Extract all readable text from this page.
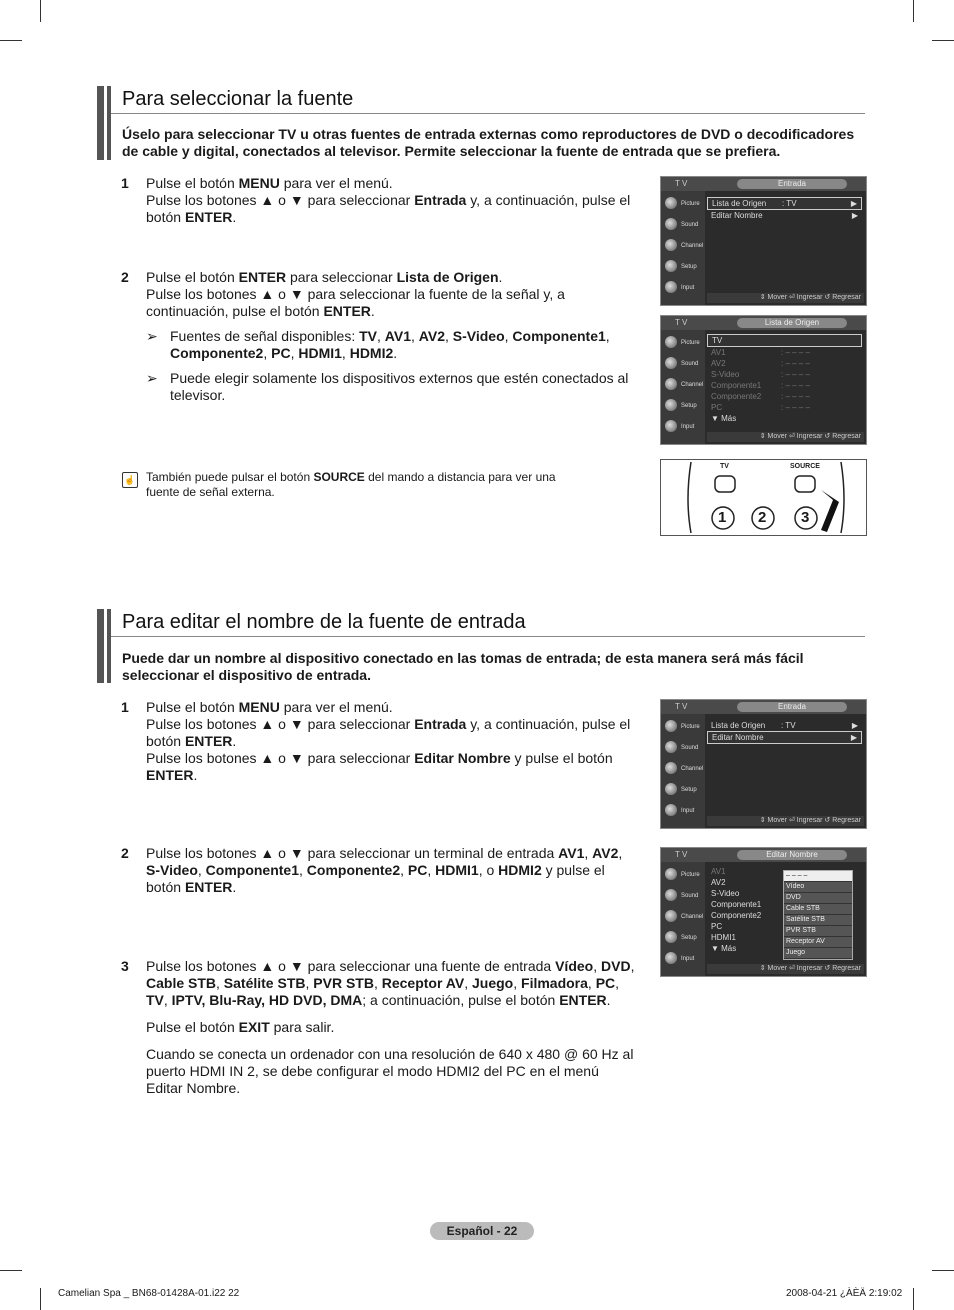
Para seleccionar la fuente
Úselo para seleccionar TV u otras fuentes de entrada externas como reproductores de DVD o decodificadores de cable y digital, conectados al televisor. Permite seleccionar la fuente de entrada que se prefiera.
1 Pulse el botón MENU para ver el menú.

Pulse los botones ▲ o ▼ para seleccionar Entrada y, a continuación, pulse el botón ENTER.

2 Pulse el botón ENTER para seleccionar Lista de Origen.

Pulse los botones ▲ o ▼ para seleccionar la fuente de la señal y, a continuación, pulse el botón ENTER.

➢ Fuentes de señal disponibles: TV, AV1, AV2, S-Video, Componente1, Componente2, PC, HDMI1, HDMI2.
➢ Puede elegir solamente los dispositivos externos que estén conectados al televisor.
☝ También puede pulsar el botón SOURCE del mando a distancia para ver una fuente de señal externa.
T V	Entrada
Picture
Sound
Channel
Setup
Input
Lista de Origen : TV	▶
Editar Nombre	▶
⇕ Mover ⏎ Ingresar ↺ Regresar
T V	Lista de Origen
Picture
Sound
Channel
Setup
Input
TV
AV1	: – – – –
AV2	: – – – –
S-Video	: – – – –
Componente1 : – – – –
Componente2 : – – – –
PC	: – – – –
▼ Más
⇕ Mover ⏎ Ingresar ↺ Regresar
TV	SOURCE
1 2 3
Para editar el nombre de la fuente de entrada
Puede dar un nombre al dispositivo conectado en las tomas de entrada; de esta manera será más fácil seleccionar el dispositivo de entrada.
1 Pulse el botón MENU para ver el menú.

Pulse los botones ▲ o ▼ para seleccionar Entrada y, a continuación, pulse el botón ENTER.

Pulse los botones ▲ o ▼ para seleccionar Editar Nombre y pulse el botón ENTER.

2 Pulse los botones ▲ o ▼ para seleccionar un terminal de entrada AV1, AV2, S-Video, Componente1, Componente2, PC, HDMI1, o HDMI2 y pulse el botón ENTER.

3 Pulse los botones ▲ o ▼ para seleccionar una fuente de entrada Vídeo, DVD, Cable STB, Satélite STB, PVR STB, Receptor AV, Juego, Filmadora, PC, TV, IPTV, Blu-Ray, HD DVD, DMA; a continuación, pulse el botón ENTER.

Pulse el botón EXIT para salir.

Cuando se conecta un ordenador con una resolución de 640 x 480 @ 60 Hz al puerto HDMI IN 2, se debe configurar el modo HDMI2 del PC en el menú Editar Nombre.

T V	Entrada
Picture
Sound
Channel
Setup
Input
Lista de Origen : TV	▶
Editar Nombre	▶
⇕ Mover ⏎ Ingresar ↺ Regresar
T V	Editar Nombre
Picture
Sound
Channel
Setup
Input
AV1
AV2
S-Video
Componente1
Componente2
PC
HDMI1
▼ Más
– – – –
Vídeo
DVD
Cable STB
Satélite STB
PVR STB
Receptor AV
Juego
⇕ Mover ⏎ Ingresar ↺ Regresar
Español - 22
Camelian Spa _ BN68-01428A-01.i22 22	2008-04-21 ¿ÀÈÄ 2:19:02
